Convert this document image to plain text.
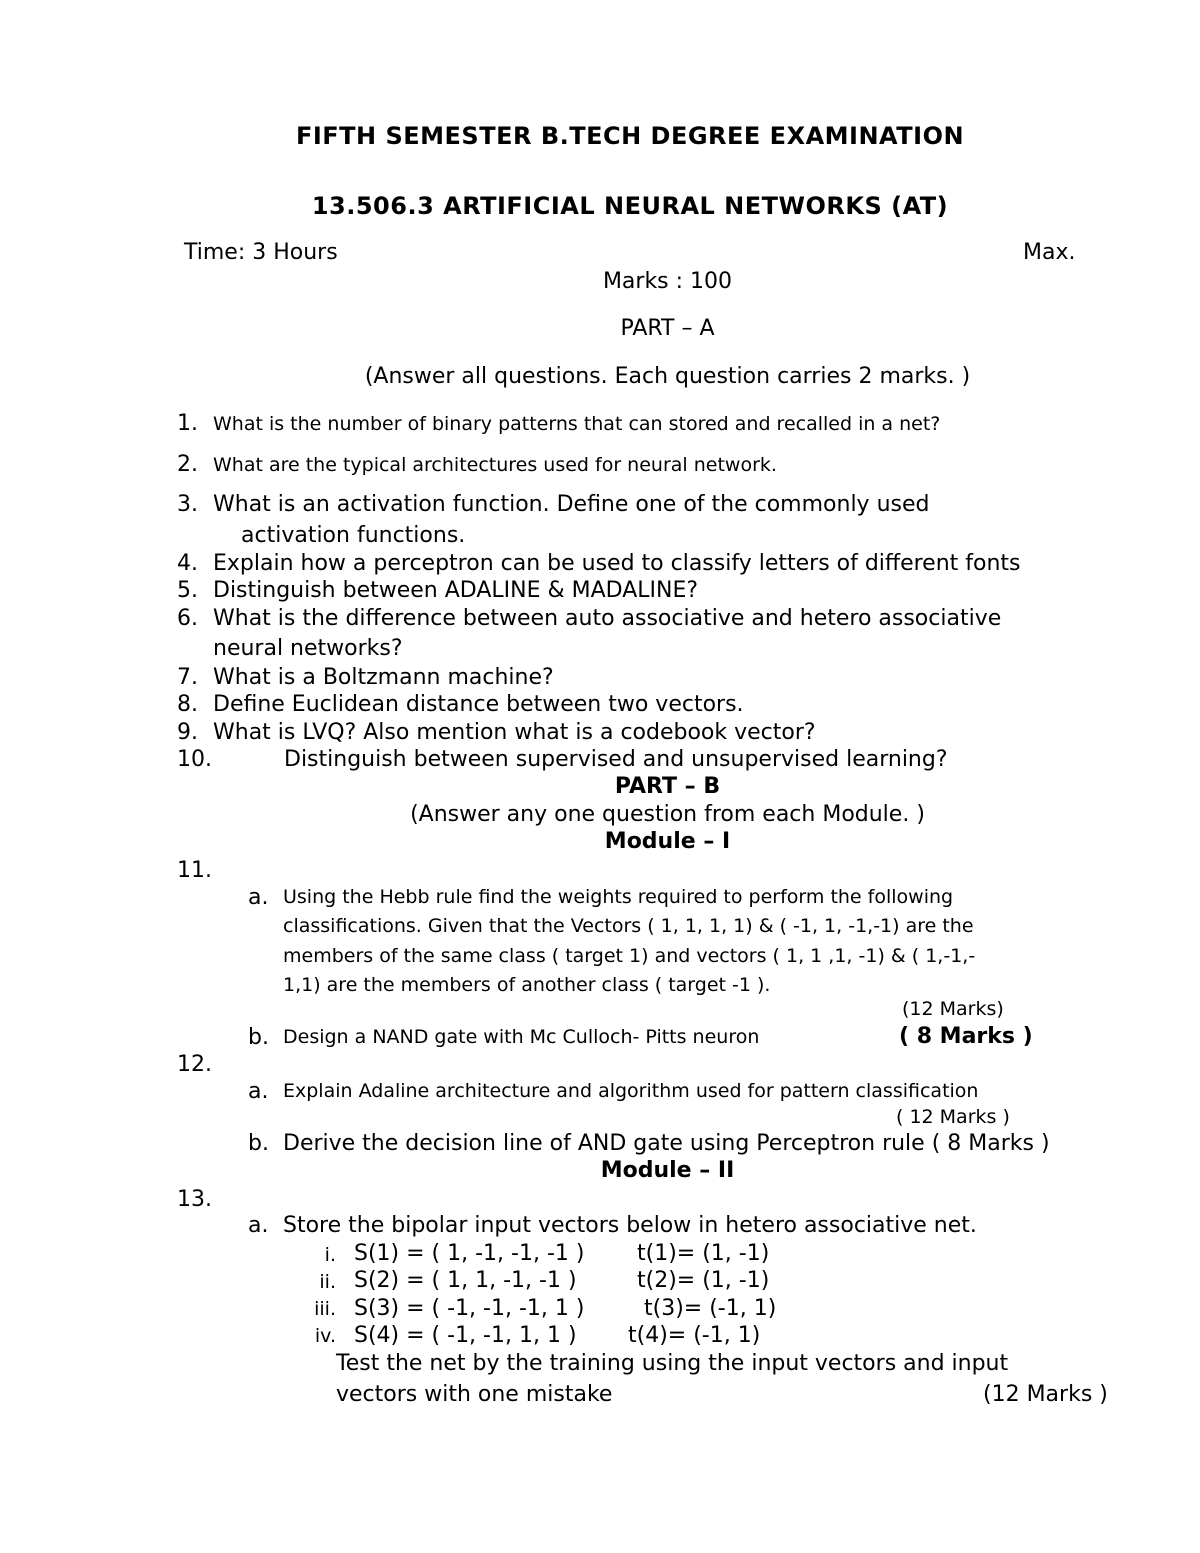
FIFTH SEMESTER B.TECH DEGREE EXAMINATION
13.506.3 ARTIFICIAL NEURAL NETWORKS (AT)
Time: 3 Hours	Max.
Marks : 100
PART – A
(Answer all questions. Each question carries 2 marks. )
1. What is the number of binary patterns that can stored and recalled in a net?
2. What are the typical architectures used for neural network.
3. What is an activation function. Define one of the commonly used
activation functions.
4. Explain how a perceptron can be used to classify letters of different fonts
5. Distinguish between ADALINE & MADALINE?
6. What is the difference between auto associative and hetero associative
neural networks?
7. What is a Boltzmann machine?
8. Define Euclidean distance between two vectors.
9. What is LVQ? Also mention what is a codebook vector?
10.	Distinguish between supervised and unsupervised learning?
PART – B
(Answer any one question from each Module. )
Module – I
11.
a. Using the Hebb rule find the weights required to perform the following
classifications. Given that the Vectors ( 1, 1, 1, 1) & ( -1, 1, -1,-1) are the
members of the same class ( target 1) and vectors ( 1, 1 ,1, -1) & ( 1,-1,-
1,1) are the members of another class ( target -1 ).
(12 Marks)
b. Design a NAND gate with Mc Culloch- Pitts neuron	( 8 Marks )
12.
a. Explain Adaline architecture and algorithm used for pattern classification
( 12 Marks )
b. Derive the decision line of AND gate using Perceptron rule ( 8 Marks )
Module – II
13.
a. Store the bipolar input vectors below in hetero associative net.
i. S(1) = ( 1, -1, -1, -1 ) t(1)= (1, -1)
ii. S(2) = ( 1, 1, -1, -1 )	t(2)= (1, -1)
iii. S(3) = ( -1, -1, -1, 1 )	t(3)= (-1, 1)
iv. S(4) = ( -1, -1, 1, 1 ) t(4)= (-1, 1)
Test the net by the training using the input vectors and input
vectors with one mistake	(12 Marks )
